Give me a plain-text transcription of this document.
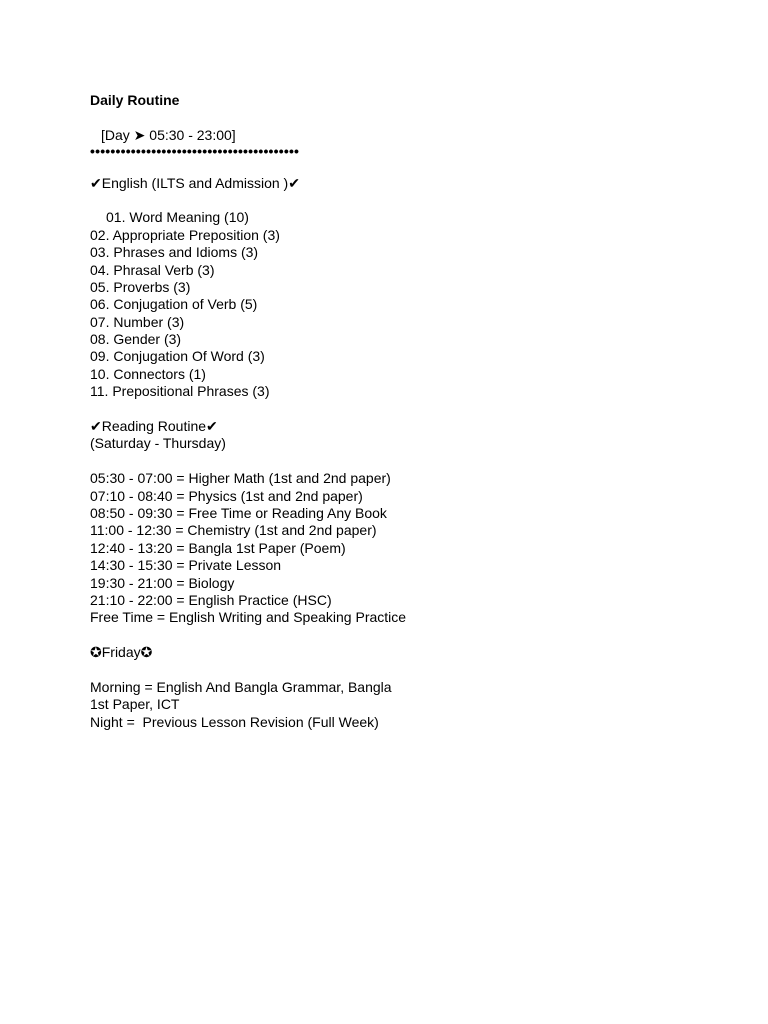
Daily Routine
[Day ➤ 05:30 - 23:00]
•••••••••••••••••••••••••••••••••••••••••
✔English (ILTS and Admission )✔
01. Word Meaning (10)
02. Appropriate Preposition (3)
03. Phrases and Idioms (3)
04. Phrasal Verb (3)
05. Proverbs (3)
06. Conjugation of Verb (5)
07. Number (3)
08. Gender (3)
09. Conjugation Of Word (3)
10. Connectors (1)
11. Prepositional Phrases (3)
✔Reading Routine✔
(Saturday - Thursday)
05:30 - 07:00 = Higher Math (1st and 2nd paper)
07:10 - 08:40 = Physics (1st and 2nd paper)
08:50 - 09:30 = Free Time or Reading Any Book
11:00 - 12:30 = Chemistry (1st and 2nd paper)
12:40 - 13:20 = Bangla 1st Paper (Poem)
14:30 - 15:30 = Private Lesson
19:30 - 21:00 = Biology
21:10 - 22:00 = English Practice (HSC)
Free Time = English Writing and Speaking Practice
✪Friday✪
Morning = English And Bangla Grammar, Bangla
1st Paper, ICT
Night =  Previous Lesson Revision (Full Week)
